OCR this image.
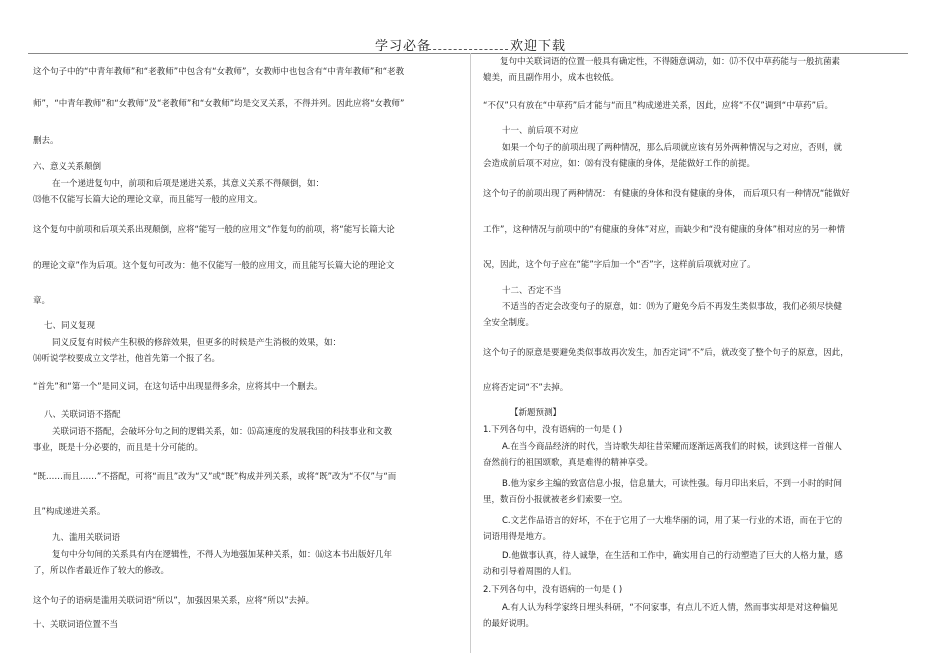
学习必备	欢迎下载
这个句子中的“中青年教师”和“老教师”中包含有“女教师”，女教师中也包含有“中青年教师”和“老教
师”，“中青年教师”和“女教师”及“老教师”和“女教师”均是交叉关系，不得并列。因此应将“女教师”
删去。
六、意义关系颠倒
在一个递进复句中，前项和后项是递进关系，其意义关系不得颠倒，如：
⒀他不仅能写长篇大论的理论文章，而且能写一般的应用文。
这个复句中前项和后项关系出现颠倒，应将“能写一般的应用文”作复句的前项，将“能写长篇大论
的理论文章”作为后项。这个复句可改为：他不仅能写一般的应用文，而且能写长篇大论的理论文
章。
七、同义复现
同义反复有时候产生积极的修辞效果，但更多的时候是产生消极的效果，如：
⒁听说学校要成立文学社，他首先第一个报了名。
“首先”和“第一个”是同义词，在这句话中出现显得多余，应将其中一个删去。
八、关联词语不搭配
关联词语不搭配，会破坏分句之间的逻辑关系，如：⒂高速度的发展我国的科技事业和文教
事业，既是十分必要的，而且是十分可能的。
“既……而且……”不搭配，可将“而且”改为“又”或“既”构成并列关系，或将“既”改为“不仅”与“而
且”构成递进关系。
九、滥用关联词语
复句中分句间的关系具有内在逻辑性，不得人为地强加某种关系，如：⒃这本书出版好几年
了，所以作者最近作了较大的修改。
这个句子的语病是滥用关联词语“所以”，加强因果关系，应将“所以”去掉。
十、关联词语位置不当
复句中关联词语的位置一般具有确定性，不得随意调动，如：⒄不仅中草药能与一般抗菌素
媲美，而且副作用小，成本也较低。
“不仅”只有放在“中草药”后才能与“而且”构成递进关系，因此，应将“不仅”调到“中草药”后。
十一、前后项不对应
如果一个句子的前项出现了两种情况，那么后项就应该有另外两种情况与之对应，否则，就
会造成前后项不对应，如：⒅有没有健康的身体，是能做好工作的前提。
这个句子的前项出现了两种情况： 有健康的身体和没有健康的身体， 而后项只有一种情况“能做好
工作”，这种情况与前项中的“有健康的身体”对应，而缺少和“没有健康的身体”相对应的另一种情
况，因此，这个句子应在“能”字后加一个“否”字，这样前后项就对应了。
十二、否定不当
不适当的否定会改变句子的原意，如：⒆为了避免今后不再发生类似事故，我们必须尽快健
全安全制度。
这个句子的原意是要避免类似事故再次发生，加否定词“不”后，就改变了整个句子的原意，因此，
应将否定词“不”去掉。
【新题预测】
1.下列各句中，没有语病的一句是 ( )
A.在当今商品经济的时代，当诗歌失却往昔荣耀而逐渐远离我们的时候，读到这样一首催人
奋然前行的祖国颂歌，真是难得的精神享受。
B.他为家乡主编的致富信息小报，信息量大，可读性强。每月印出来后，不到一小时的时间
里，数百份小报就被老乡们索要一空。
C.文艺作品语言的好坏，不在于它用了一大堆华丽的词，用了某一行业的术语，而在于它的
词语用得是地方。
D.他做事认真，待人诚挚，在生活和工作中，确实用自己的行动塑造了巨大的人格力量，感
动和引导着周围的人们。
2.下列各句中，没有语病的一句是 ( )
A.有人认为科学家终日埋头科研，“不问家事，有点儿不近人情，然而事实却是对这种偏见
的最好说明。
